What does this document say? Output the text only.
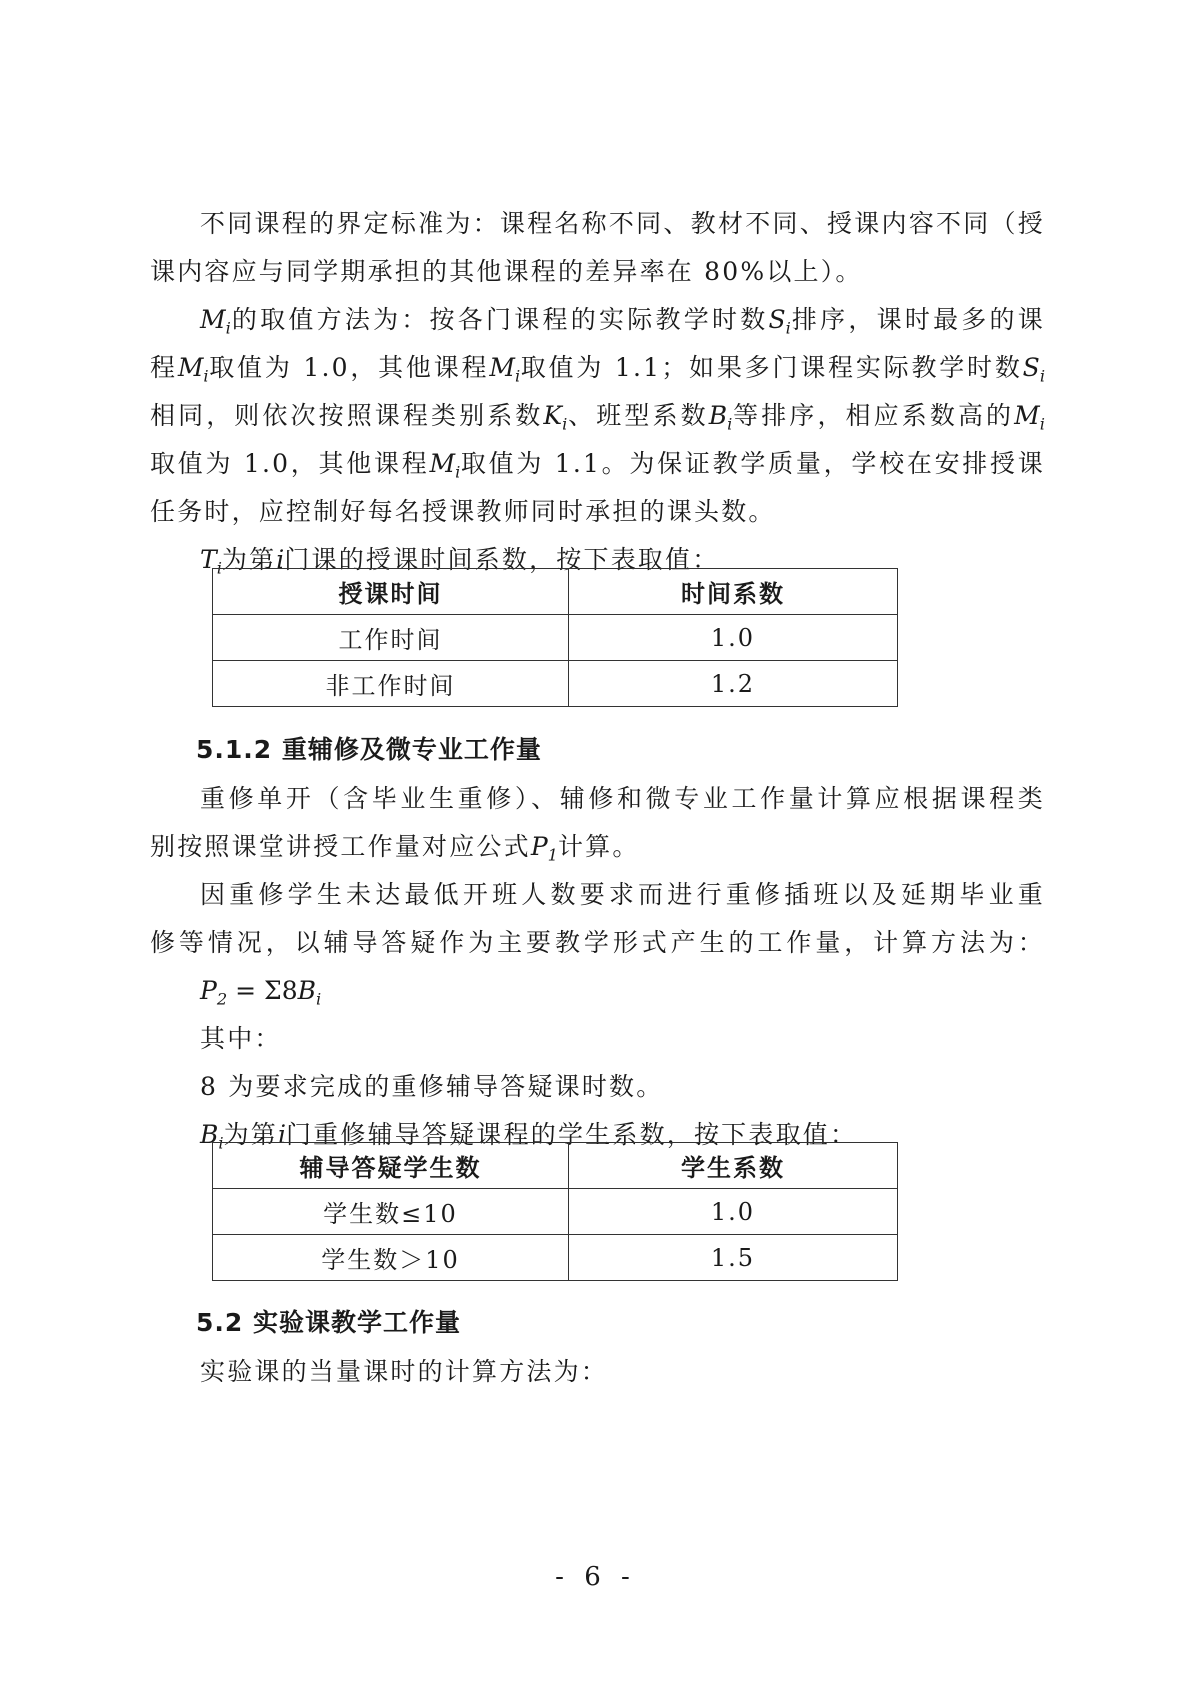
不同课程的界定标准为：课程名称不同、教材不同、授课内容不同（授
课内容应与同学期承担的其他课程的差异率在 80%以上）。
$M_i$的取值方法为：按各门课程的实际教学时数$S_i$排序，课时最多的课
程$M_i$取值为 1.0，其他课程$M_i$取值为 1.1；如果多门课程实际教学时数$S_i$
相同，则依次按照课程类别系数$K_i$、班型系数$B_i$等排序，相应系数高的$M_i$
取值为 1.0，其他课程$M_i$取值为 1.1。为保证教学质量，学校在安排授课
任务时，应控制好每名授课教师同时承担的课头数。
$T_i$为第i门课的授课时间系数，按下表取值：
授课时间	时间系数
工作时间	1.0
非工作时间	1.2
5.1.2 重辅修及微专业工作量
重修单开（含毕业生重修）、辅修和微专业工作量计算应根据课程类
别按照课堂讲授工作量对应公式$P_1$计算。
因重修学生未达最低开班人数要求而进行重修插班以及延期毕业重
修等情况，以辅导答疑作为主要教学形式产生的工作量，计算方法为：
$P_2 = \Sigma 8B_i$
其中：
8 为要求完成的重修辅导答疑课时数。
$B_i$为第i门重修辅导答疑课程的学生系数，按下表取值：
辅导答疑学生数	学生系数
学生数≤10	1.0
学生数＞10	1.5
5.2 实验课教学工作量
实验课的当量课时的计算方法为：
- 6 -
